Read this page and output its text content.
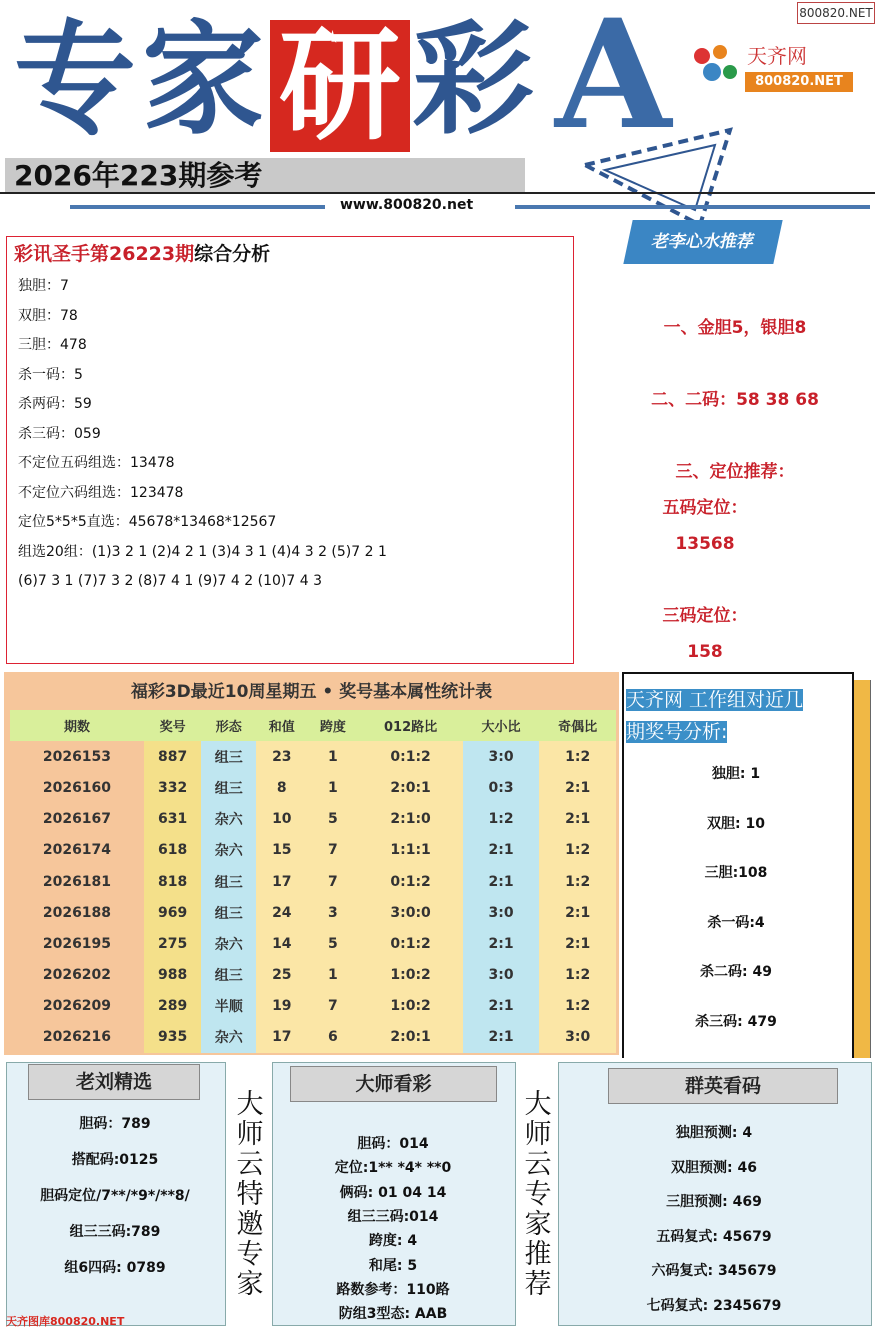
专 家 研 彩 A	800820.NET
天齐网
800820.NET
2026年223期参考
www.800820.net
彩讯圣手第26223期综合分析
老李心水推荐
一、金胆5，银胆8
二、二码：58 38 68
三、定位推荐：
五码定位：
13568
三码定位：
158
福彩3D最近10周星期五 • 奖号基本属性统计表
期数	奖号	形态	和值	跨度	012路比	大小比	奇偶比
2026153	887	组三	23	1	0:1:2	3:0	1:2
2026160	332	组三	8	1	2:0:1	0:3	2:1
2026167	631	杂六	10	5	2:1:0	1:2	2:1
2026174	618	杂六	15	7	1:1:1	2:1	1:2
2026181	818	组三	17	7	0:1:2	2:1	1:2
2026188	969	组三	24	3	3:0:0	3:0	2:1
2026195	275	杂六	14	5	0:1:2	2:1	2:1
2026202	988	组三	25	1	1:0:2	3:0	1:2
2026209	289	半顺	19	7	1:0:2	2:1	1:2
2026216	935	杂六	17	6	2:0:1	2:1	3:0
天齐网 工作组对近几
期奖号分析:
老刘精选
大
师
云
特
邀
专
家
大师看彩
大
师
云
专
家
推
荐
群英看码
天齐图库800820.NET
独胆：7
双胆：78
三胆：478
杀一码：5
杀两码：59
杀三码：059
不定位五码组选：13478
不定位六码组选：123478
定位5*5*5直选：45678*13468*12567
组选20组：(1)3 2 1 (2)4 2 1 (3)4 3 1 (4)4 3 2 (5)7 2 1
(6)7 3 1 (7)7 3 2 (8)7 4 1 (9)7 4 2 (10)7 4 3
独胆: 1
双胆: 10
三胆:108
杀一码:4
杀二码: 49
杀三码: 479
胆码：789
搭配码:0125
胆码定位/7**/*9*/**8/
组三三码:789
组6四码: 0789
胆码：014
定位:1** *4* **0
俩码: 01 04 14
组三三码:014
跨度: 4
和尾: 5
路数参考：110路
防组3型态: AAB
独胆预测: 4
双胆预测: 46
三胆预测: 469
五码复式: 45679
六码复式: 345679
七码复式: 2345679
